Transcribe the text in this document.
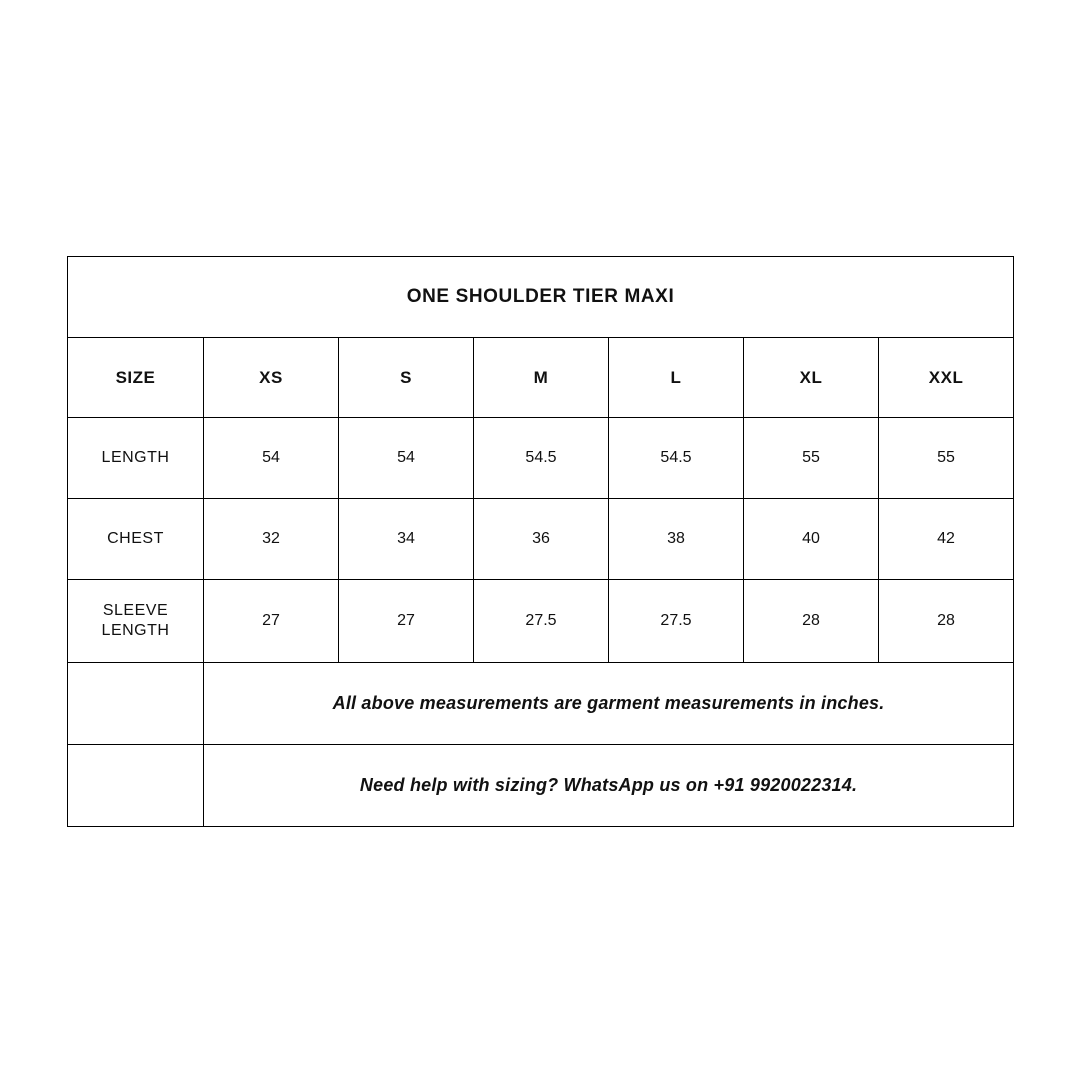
ONE SHOULDER TIER MAXI						
SIZE	XS	S	M	L	XL	XXL
LENGTH	54	54	54.5	54.5	55	55
CHEST	32	34	36	38	40	42

SLEEVE
LENGTH	27	27	27.5	27.5	28	28
	All above measurements are garment measurements in inches.					
	Need help with sizing? WhatsApp us on +91 9920022314.					
